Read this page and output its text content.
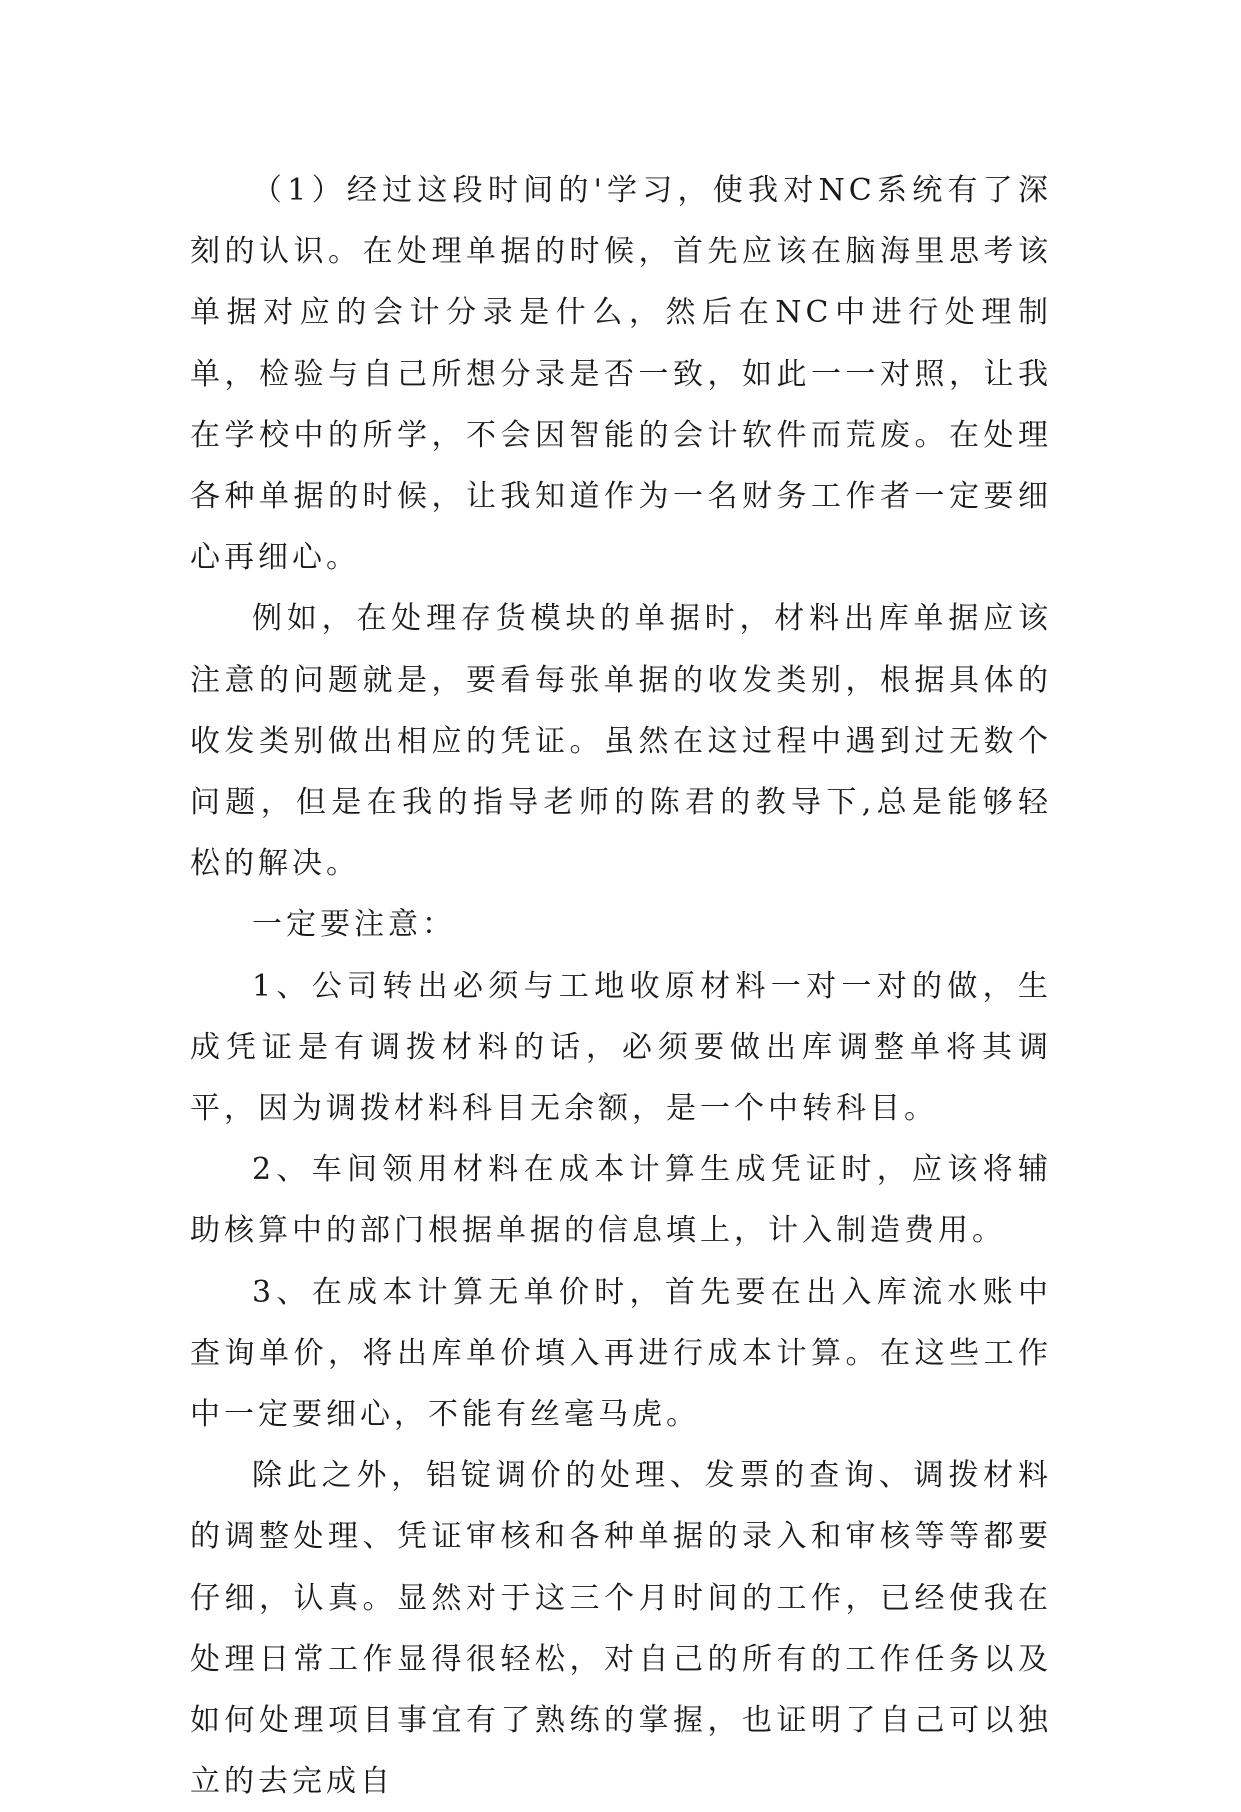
（1）经过这段时间的'学习，使我对NC系统有了深刻的认识。在处理单据的时候，首先应该在脑海里思考该单据对应的会计分录是什么，然后在NC中进行处理制单，检验与自己所想分录是否一致，如此一一对照，让我在学校中的所学，不会因智能的会计软件而荒废。在处理各种单据的时候，让我知道作为一名财务工作者一定要细心再细心。

例如，在处理存货模块的单据时，材料出库单据应该注意的问题就是，要看每张单据的收发类别，根据具体的收发类别做出相应的凭证。虽然在这过程中遇到过无数个问题，但是在我的指导老师的陈君的教导下,总是能够轻松的解决。

一定要注意：

1、公司转出必须与工地收原材料一对一对的做，生成凭证是有调拨材料的话，必须要做出库调整单将其调平，因为调拨材料科目无余额，是一个中转科目。

2、车间领用材料在成本计算生成凭证时，应该将辅助核算中的部门根据单据的信息填上，计入制造费用。

3、在成本计算无单价时，首先要在出入库流水账中查询单价，将出库单价填入再进行成本计算。在这些工作中一定要细心，不能有丝毫马虎。

除此之外，铝锭调价的处理、发票的查询、调拨材料的调整处理、凭证审核和各种单据的录入和审核等等都要仔细，认真。显然对于这三个月时间的工作，已经使我在处理日常工作显得很轻松，对自己的所有的工作任务以及如何处理项目事宜有了熟练的掌握，也证明了自己可以独立的去完成自
